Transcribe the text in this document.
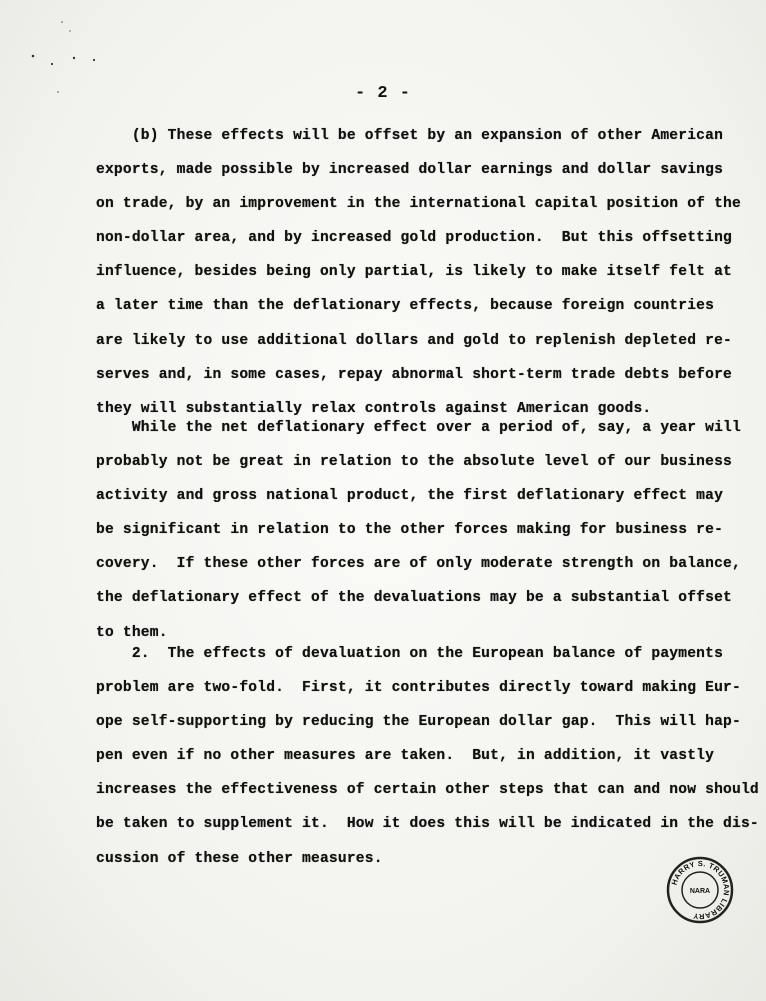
- 2 -
(b) These effects will be offset by an expansion of other American
exports, made possible by increased dollar earnings and dollar savings
on trade, by an improvement in the international capital position of the
non-dollar area, and by increased gold production.  But this offsetting
influence, besides being only partial, is likely to make itself felt at
a later time than the deflationary effects, because foreign countries
are likely to use additional dollars and gold to replenish depleted re-
serves and, in some cases, repay abnormal short-term trade debts before
they will substantially relax controls against American goods.
While the net deflationary effect over a period of, say, a year will
probably not be great in relation to the absolute level of our business
activity and gross national product, the first deflationary effect may
be significant in relation to the other forces making for business re-
covery.  If these other forces are of only moderate strength on balance,
the deflationary effect of the devaluations may be a substantial offset
to them.
2.  The effects of devaluation on the European balance of payments
problem are two-fold.  First, it contributes directly toward making Eur-
ope self-supporting by reducing the European dollar gap.  This will hap-
pen even if no other measures are taken.  But, in addition, it vastly
increases the effectiveness of certain other steps that can and now should
be taken to supplement it.  How it does this will be indicated in the dis-
cussion of these other measures.
HARRY S. TRUMAN LIBRARY
NARA
